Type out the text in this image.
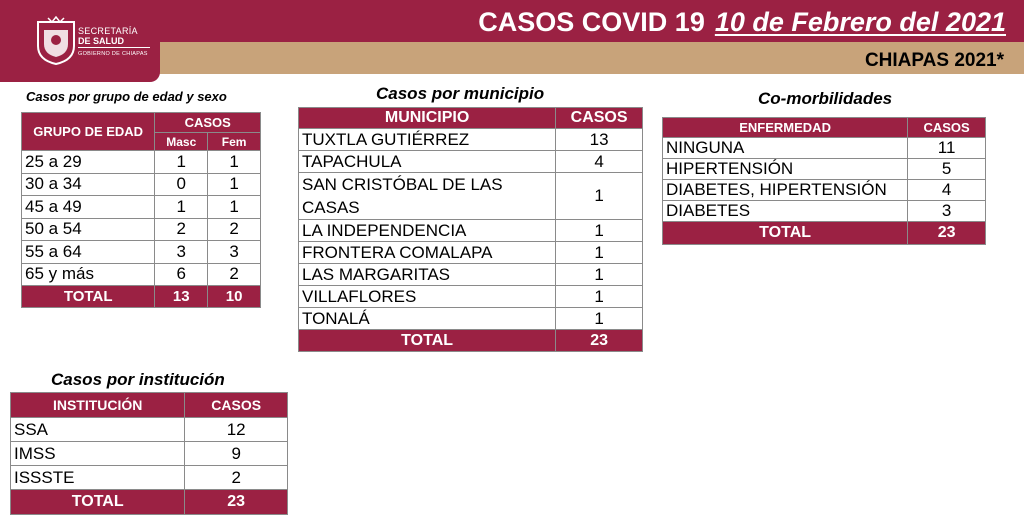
SECRETARÍA
DE SALUD
GOBIERNO DE CHIAPAS
CASOS COVID 19 10 de Febrero del 2021
CHIAPAS 2021*
Casos por grupo de edad y sexo
GRUPO DE EDAD	CASOS	
	Masc	Fem
25 a 29	1	1
30 a 34	0	1
45 a 49	1	1
50 a 54	2	2
55 a 64	3	3
65 y más	6	2
TOTAL	13	10
Casos por municipio
MUNICIPIO	CASOS
TUXTLA GUTIÉRREZ	13
TAPACHULA	4
SAN CRISTÓBAL DE LAS CASAS	1
LA INDEPENDENCIA	1
FRONTERA COMALAPA	1
LAS MARGARITAS	1
VILLAFLORES	1
TONALÁ	1
TOTAL	23
Co-morbilidades
ENFERMEDAD	CASOS
NINGUNA	11
HIPERTENSIÓN	5
DIABETES, HIPERTENSIÓN	4
DIABETES	3
TOTAL	23
Casos por institución
INSTITUCIÓN	CASOS
SSA	12
IMSS	9
ISSSTE	2
TOTAL	23
